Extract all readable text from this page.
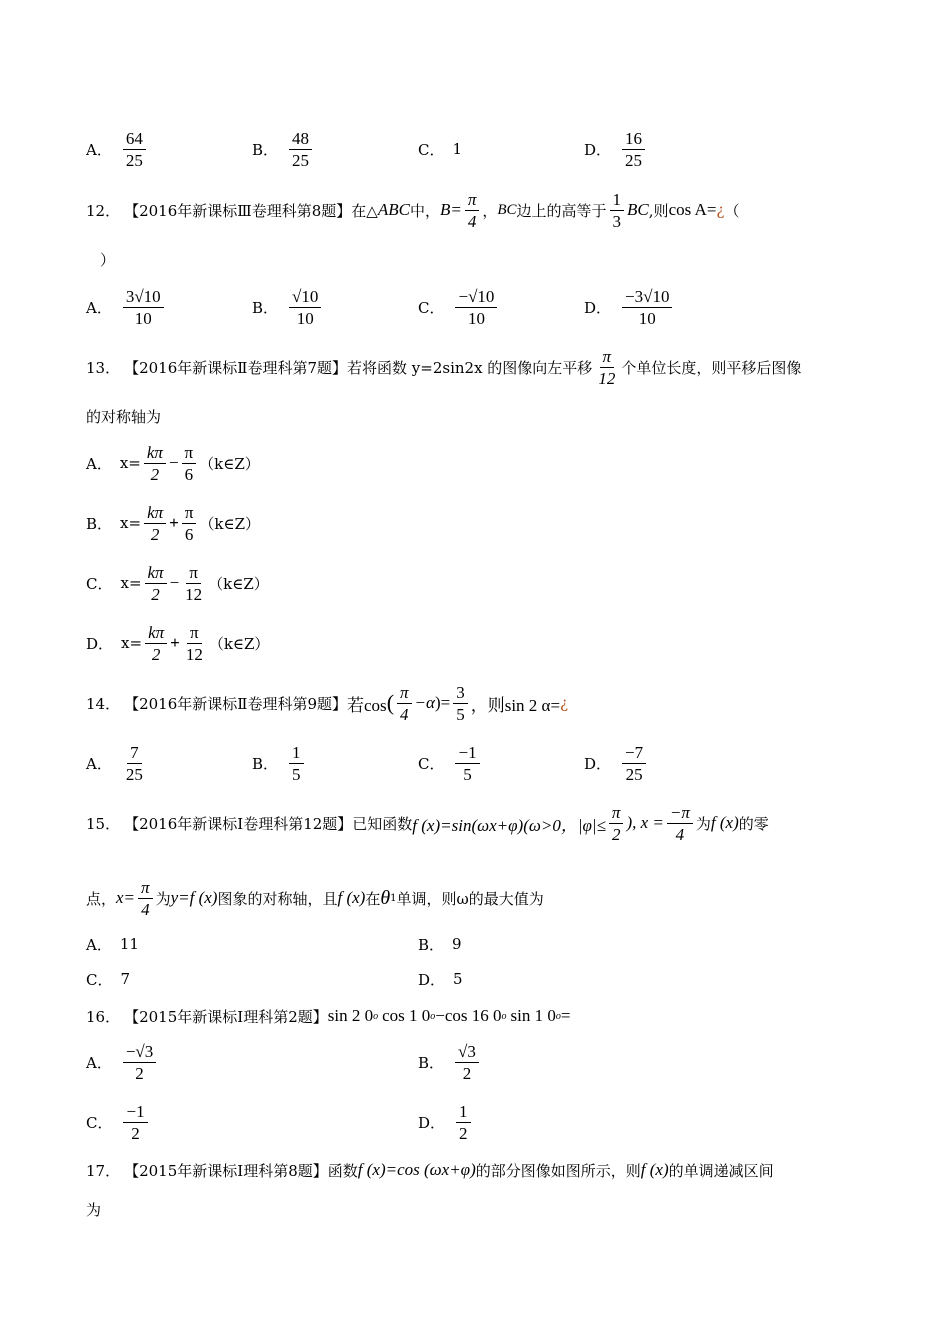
A． $\frac{64}{25}$	B． $\frac{48}{25}$	C． 1	D． $\frac{16}{25}$
12． 【2016年新课标Ⅲ卷理科第8题】 在△ ABC 中， $B= \frac{\pi}{4}$ ， BC 边上的高等于 $\frac{1}{3}$ BC ,则 cos A= ¿ （
）
A． $\frac{3√10}{10}$	B． $\frac{√10}{10}$	C． $\frac{-√10}{10}$	D． $\frac{-3√10}{10}$
13． 【2016年新课标Ⅱ卷理科第7题】 若将函数 y=2sin2x 的图像向左平移 $\frac{\pi}{12}$ 个单位长度，则平移后图像
的对称轴为
A． $x= \frac{k\pi}{2} - \frac{\pi}{6}$ （k∈Z）
B． $x= \frac{k\pi}{2} + \frac{\pi}{6}$ （k∈Z）
C． $x= \frac{k\pi}{2} - \frac{\pi}{12}$ （k∈Z）
D． $x= \frac{k\pi}{2} + \frac{\pi}{12}$ （k∈Z）
14． 【2016年新课标Ⅱ卷理科第9题】 若cos ( $\frac{\pi}{4} -\alpha$ )= $\frac{3}{5}$ ，则sin 2 α= ¿
A． $\frac{7}{25}$	B． $\frac{1}{5}$	C． $\frac{-1}{5}$	D． $\frac{-7}{25}$
15． 【2016年新课标Ⅰ卷理科第12题】 已知函数 f (x)=sin(ωx+φ)(ω>0，$|\varphi|\le \frac{\pi}{2}$ ), $x = \frac{-\pi}{4}$ 为 f (x) 的零
点， $x= \frac{\pi}{4}$ 为 y=f (x) 图象的对称轴，且 f (x) 在 θ 1 单调，则ω的最大值为
A． 11	B． 9
C． 7	D． 5
16． 【2015年新课标Ⅰ理科第2题】 sin 2 0 o cos 1 0 o −cos 16 0 o sin 1 0 o =
A． $\frac{-√3}{2}$	B． $\frac{√3}{2}$
C． $\frac{-1}{2}$	D． $\frac{1}{2}$
17． 【2015年新课标Ⅰ理科第8题】 函数 f (x)=cos (ωx+φ) 的部分图像如图所示，则 f (x) 的单调递减区间
为
